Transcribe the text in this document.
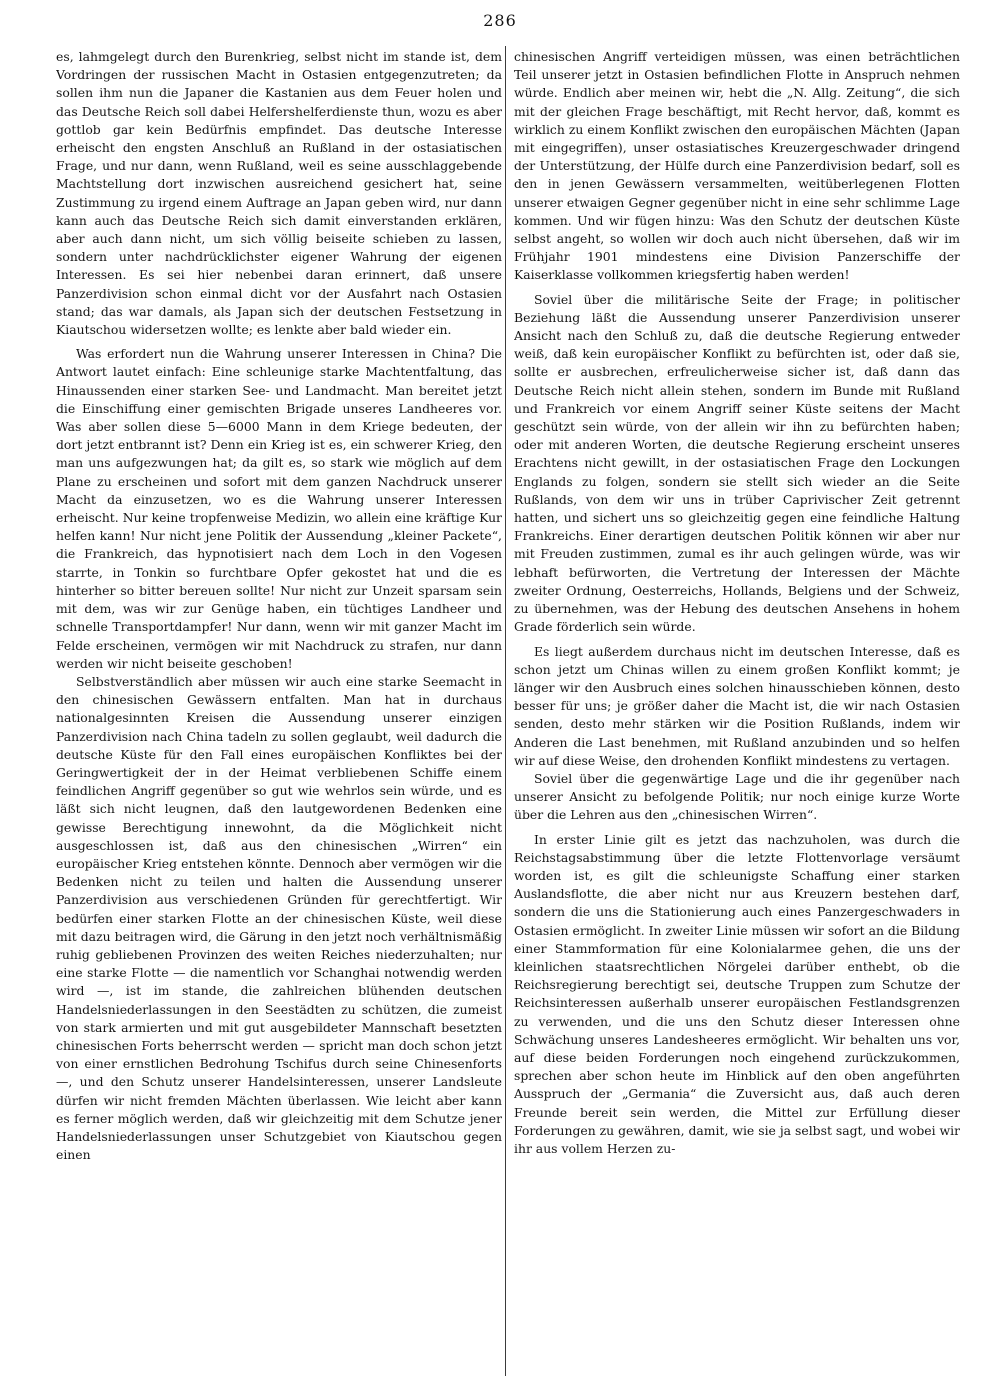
286

es, lahmgelegt durch den Burenkrieg, selbst nicht im stande ist, dem Vordringen der russischen Macht in Ostasien entgegenzutreten; da sollen ihm nun die Japaner die Kastanien aus dem Feuer holen und das Deutsche Reich soll dabei Helfershelferdienste thun, wozu es aber gottlob gar kein Bedürfnis empfindet. Das deutsche Interesse erheischt den engsten Anschluß an Rußland in der ostasiatischen Frage, und nur dann, wenn Rußland, weil es seine ausschlaggebende Machtstellung dort inzwischen ausreichend gesichert hat, seine Zustimmung zu irgend einem Auftrage an Japan geben wird, nur dann kann auch das Deutsche Reich sich damit einverstanden erklären, aber auch dann nicht, um sich völlig beiseite schieben zu lassen, sondern unter nachdrücklichster eigener Wahrung der eigenen Interessen. Es sei hier nebenbei daran erinnert, daß unsere Panzerdivision schon einmal dicht vor der Ausfahrt nach Ostasien stand; das war damals, als Japan sich der deutschen Festsetzung in Kiautschou widersetzen wollte; es lenkte aber bald wieder ein.

Was erfordert nun die Wahrung unserer Interessen in China? Die Antwort lautet einfach: Eine schleunige starke Machtentfaltung, das Hinaussenden einer starken See- und Landmacht. Man bereitet jetzt die Einschiffung einer gemischten Brigade unseres Landheeres vor. Was aber sollen diese 5—6000 Mann in dem Kriege bedeuten, der dort jetzt entbrannt ist? Denn ein Krieg ist es, ein schwerer Krieg, den man uns aufgezwungen hat; da gilt es, so stark wie möglich auf dem Plane zu erscheinen und sofort mit dem ganzen Nachdruck unserer Macht da einzusetzen, wo es die Wahrung unserer Interessen erheischt. Nur keine tropfenweise Medizin, wo allein eine kräftige Kur helfen kann! Nur nicht jene Politik der Aussendung „kleiner Packete“, die Frankreich, das hypnotisiert nach dem Loch in den Vogesen starrte, in Tonkin so furchtbare Opfer gekostet hat und die es hinterher so bitter bereuen sollte! Nur nicht zur Unzeit sparsam sein mit dem, was wir zur Genüge haben, ein tüchtiges Landheer und schnelle Transportdampfer! Nur dann, wenn wir mit ganzer Macht im Felde erscheinen, vermögen wir mit Nachdruck zu strafen, nur dann werden wir nicht beiseite geschoben!

Selbstverständlich aber müssen wir auch eine starke Seemacht in den chinesischen Gewässern entfalten. Man hat in durchaus nationalgesinnten Kreisen die Aussendung unserer einzigen Panzerdivision nach China tadeln zu sollen geglaubt, weil dadurch die deutsche Küste für den Fall eines europäischen Konfliktes bei der Geringwertigkeit der in der Heimat verbliebenen Schiffe einem feindlichen Angriff gegenüber so gut wie wehrlos sein würde, und es läßt sich nicht leugnen, daß den lautgewordenen Bedenken eine gewisse Berechtigung innewohnt, da die Möglichkeit nicht ausgeschlossen ist, daß aus den chinesischen „Wirren“ ein europäischer Krieg entstehen könnte. Dennoch aber vermögen wir die Bedenken nicht zu teilen und halten die Aussendung unserer Panzerdivision aus verschiedenen Gründen für gerechtfertigt. Wir bedürfen einer starken Flotte an der chinesischen Küste, weil diese mit dazu beitragen wird, die Gärung in den jetzt noch verhältnismäßig ruhig gebliebenen Provinzen des weiten Reiches niederzuhalten; nur eine starke Flotte — die namentlich vor Schanghai notwendig werden wird —, ist im stande, die zahlreichen blühenden deutschen Handelsniederlassungen in den Seestädten zu schützen, die zumeist von stark armierten und mit gut ausgebildeter Mannschaft besetzten chinesischen Forts beherrscht werden — spricht man doch schon jetzt von einer ernstlichen Bedrohung Tschifus durch seine Chinesenforts —, und den Schutz unserer Handelsinteressen, unserer Landsleute dürfen wir nicht fremden Mächten überlassen. Wie leicht aber kann es ferner möglich werden, daß wir gleichzeitig mit dem Schutze jener Handelsniederlassungen unser Schutzgebiet von Kiautschou gegen einen

chinesischen Angriff verteidigen müssen, was einen beträchtlichen Teil unserer jetzt in Ostasien befindlichen Flotte in Anspruch nehmen würde. Endlich aber meinen wir, hebt die „N. Allg. Zeitung“, die sich mit der gleichen Frage beschäftigt, mit Recht hervor, daß, kommt es wirklich zu einem Konflikt zwischen den europäischen Mächten (Japan mit eingegriffen), unser ostasiatisches Kreuzergeschwader dringend der Unterstützung, der Hülfe durch eine Panzerdivision bedarf, soll es den in jenen Gewässern versammelten, weitüberlegenen Flotten unserer etwaigen Gegner gegenüber nicht in eine sehr schlimme Lage kommen. Und wir fügen hinzu: Was den Schutz der deutschen Küste selbst angeht, so wollen wir doch auch nicht übersehen, daß wir im Frühjahr 1901 mindestens eine Division Panzerschiffe der Kaiserklasse vollkommen kriegsfertig haben werden!

Soviel über die militärische Seite der Frage; in politischer Beziehung läßt die Aussendung unserer Panzerdivision unserer Ansicht nach den Schluß zu, daß die deutsche Regierung entweder weiß, daß kein europäischer Konflikt zu befürchten ist, oder daß sie, sollte er ausbrechen, erfreulicherweise sicher ist, daß dann das Deutsche Reich nicht allein stehen, sondern im Bunde mit Rußland und Frankreich vor einem Angriff seiner Küste seitens der Macht geschützt sein würde, von der allein wir ihn zu befürchten haben; oder mit anderen Worten, die deutsche Regierung erscheint unseres Erachtens nicht gewillt, in der ostasiatischen Frage den Lockungen Englands zu folgen, sondern sie stellt sich wieder an die Seite Rußlands, von dem wir uns in trüber Caprivischer Zeit getrennt hatten, und sichert uns so gleichzeitig gegen eine feindliche Haltung Frankreichs. Einer derartigen deutschen Politik können wir aber nur mit Freuden zustimmen, zumal es ihr auch gelingen würde, was wir lebhaft befürworten, die Vertretung der Interessen der Mächte zweiter Ordnung, Oesterreichs, Hollands, Belgiens und der Schweiz, zu übernehmen, was der Hebung des deutschen Ansehens in hohem Grade förderlich sein würde.

Es liegt außerdem durchaus nicht im deutschen Interesse, daß es schon jetzt um Chinas willen zu einem großen Konflikt kommt; je länger wir den Ausbruch eines solchen hinausschieben können, desto besser für uns; je größer daher die Macht ist, die wir nach Ostasien senden, desto mehr stärken wir die Position Rußlands, indem wir Anderen die Last benehmen, mit Rußland anzubinden und so helfen wir auf diese Weise, den drohenden Konflikt mindestens zu vertagen.

Soviel über die gegenwärtige Lage und die ihr gegenüber nach unserer Ansicht zu befolgende Politik; nur noch einige kurze Worte über die Lehren aus den „chinesischen Wirren“.

In erster Linie gilt es jetzt das nachzuholen, was durch die Reichstagsabstimmung über die letzte Flottenvorlage versäumt worden ist, es gilt die schleunigste Schaffung einer starken Auslandsflotte, die aber nicht nur aus Kreuzern bestehen darf, sondern die uns die Stationierung auch eines Panzergeschwaders in Ostasien ermöglicht. In zweiter Linie müssen wir sofort an die Bildung einer Stammformation für eine Kolonialarmee gehen, die uns der kleinlichen staatsrechtlichen Nörgelei darüber enthebt, ob die Reichsregierung berechtigt sei, deutsche Truppen zum Schutze der Reichsinteressen außerhalb unserer europäischen Festlandsgrenzen zu verwenden, und die uns den Schutz dieser Interessen ohne Schwächung unseres Landesheeres ermöglicht. Wir behalten uns vor, auf diese beiden Forderungen noch eingehend zurückzukommen, sprechen aber schon heute im Hinblick auf den oben angeführten Ausspruch der „Germania“ die Zuversicht aus, daß auch deren Freunde bereit sein werden, die Mittel zur Erfüllung dieser Forderungen zu gewähren, damit, wie sie ja selbst sagt, und wobei wir ihr aus vollem Herzen zu-
